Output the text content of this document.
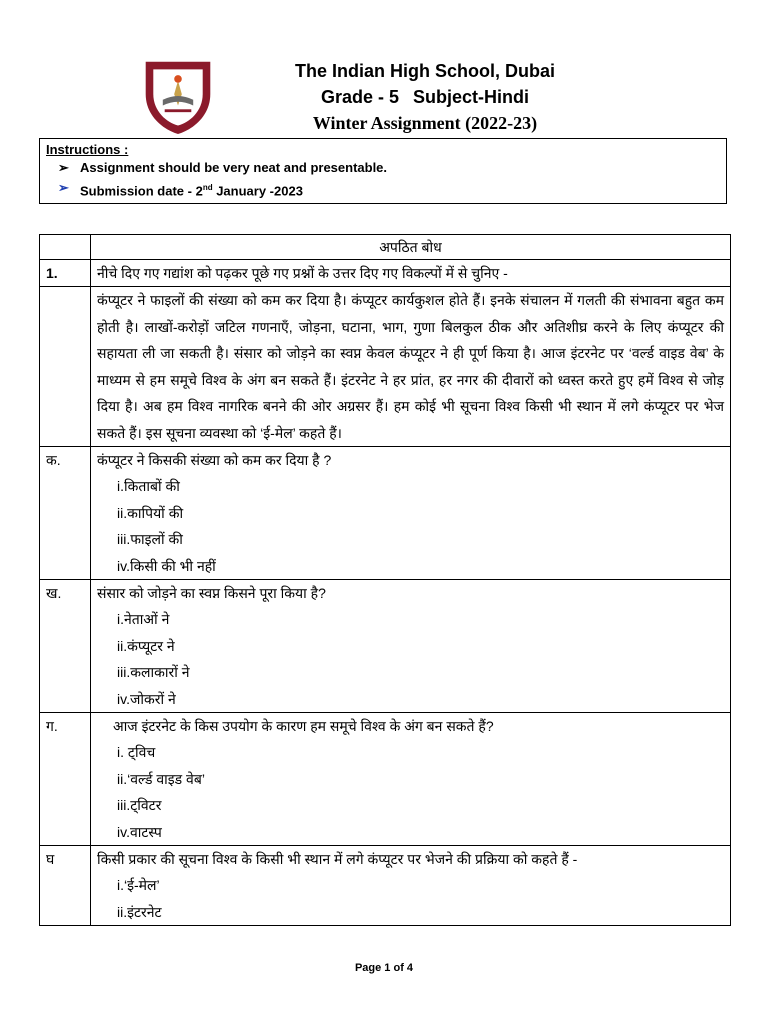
The Indian High School, Dubai
Grade - 5 Subject-Hindi
Winter Assignment (2022-23)
Instructions :
➢ Assignment should be very neat and presentable.
➢ Submission date - 2nd January -2023
	अपठित बोध
1.	नीचे दिए गए गद्यांश को पढ़कर पूछे गए प्रश्नों के उत्तर दिए गए विकल्पों में से चुनिए -
	कंप्यूटर ने फाइलों की संख्या को कम कर दिया है। कंप्यूटर कार्यकुशल होते हैं। इनके संचालन में गलती की संभावना बहुत कम होती है। लाखों-करोड़ों जटिल गणनाएँ, जोड़ना, घटाना, भाग, गुणा बिलकुल ठीक और अतिशीघ्र करने के लिए कंप्यूटर की सहायता ली जा सकती है। संसार को जोड़ने का स्वप्न केवल कंप्यूटर ने ही पूर्ण किया है। आज इंटरनेट पर ‘वर्ल्ड वाइड वेब’ के माध्यम से हम समूचे विश्व के अंग बन सकते हैं। इंटरनेट ने हर प्रांत, हर नगर की दीवारों को ध्वस्त करते हुए हमें विश्व से जोड़ दिया है। अब हम विश्व नागरिक बनने की ओर अग्रसर हैं। हम कोई भी सूचना विश्व किसी भी स्थान में लगे कंप्यूटर पर भेज सकते हैं। इस सूचना व्यवस्था को ‘ई-मेल’ कहते हैं।
क.	कंप्यूटर ने किसकी संख्या को कम कर दिया है ?
i.किताबों की
ii.कापियों की
iii.फाइलों की
iv.किसी की भी नहीं

ख.	संसार को जोड़ने का स्वप्न किसने पूरा किया है?
i.नेताओं ने
ii.कंप्यूटर ने
iii.कलाकारों ने
iv.जोकरों ने

ग.	आज इंटरनेट के किस उपयोग के कारण हम समूचे विश्व के अंग बन सकते हैं?
i. ट्विच
ii.‘वर्ल्ड वाइड वेब’
iii.ट्विटर
iv.वाटस्प

घ	किसी प्रकार की सूचना विश्व के किसी भी स्थान में लगे कंप्यूटर पर भेजने की प्रक्रिया को कहते हैं -
i.‘ई-मेल’
ii.इंटरनेट
Page 1 of 4
